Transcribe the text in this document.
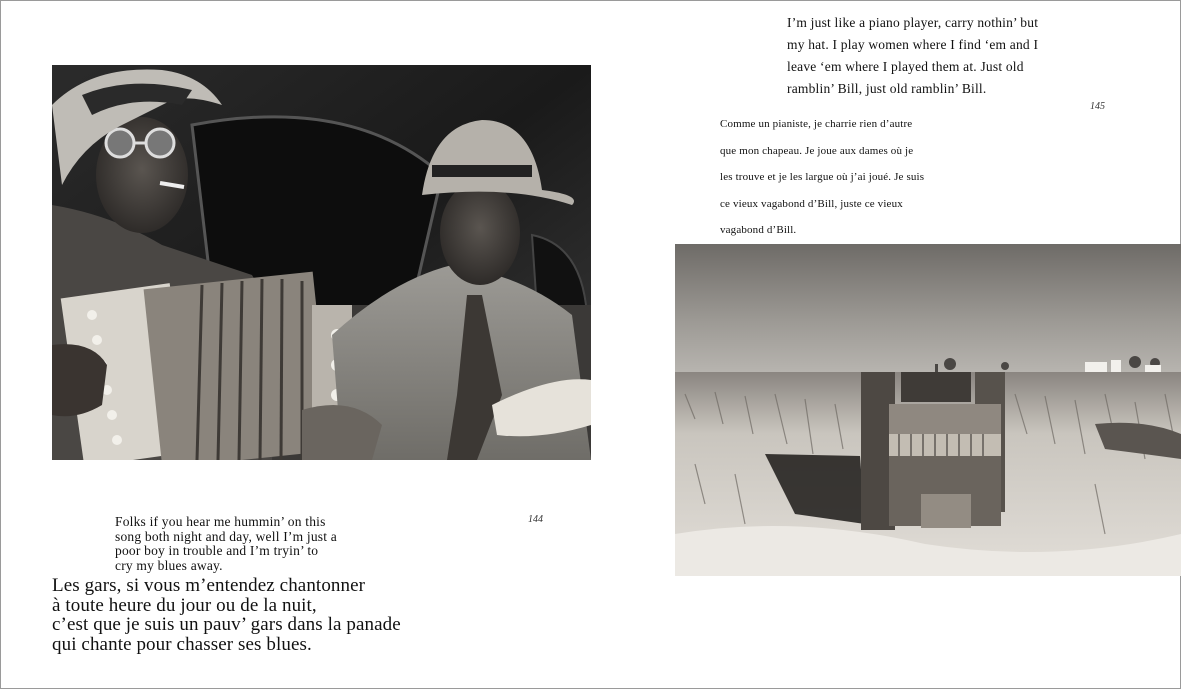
Folks if you hear me hummin’ on this
song both night and day, well I’m just a
poor boy in trouble and I’m tryin’ to
cry my blues away.
144
Les gars, si vous m’entendez chantonner
à toute heure du jour ou de la nuit,
c’est que je suis un pauv’ gars dans la panade
qui chante pour chasser ses blues.
I’m just like a piano player, carry nothin’ but
my hat. I play women where I find ‘em and I
leave ‘em where I played them at. Just old
ramblin’ Bill, just old ramblin’ Bill.
145
Comme un pianiste, je charrie rien d’autre
que mon chapeau. Je joue aux dames où je
les trouve et je les largue où j’ai joué. Je suis
ce vieux vagabond d’Bill, juste ce vieux
vagabond d’Bill.
